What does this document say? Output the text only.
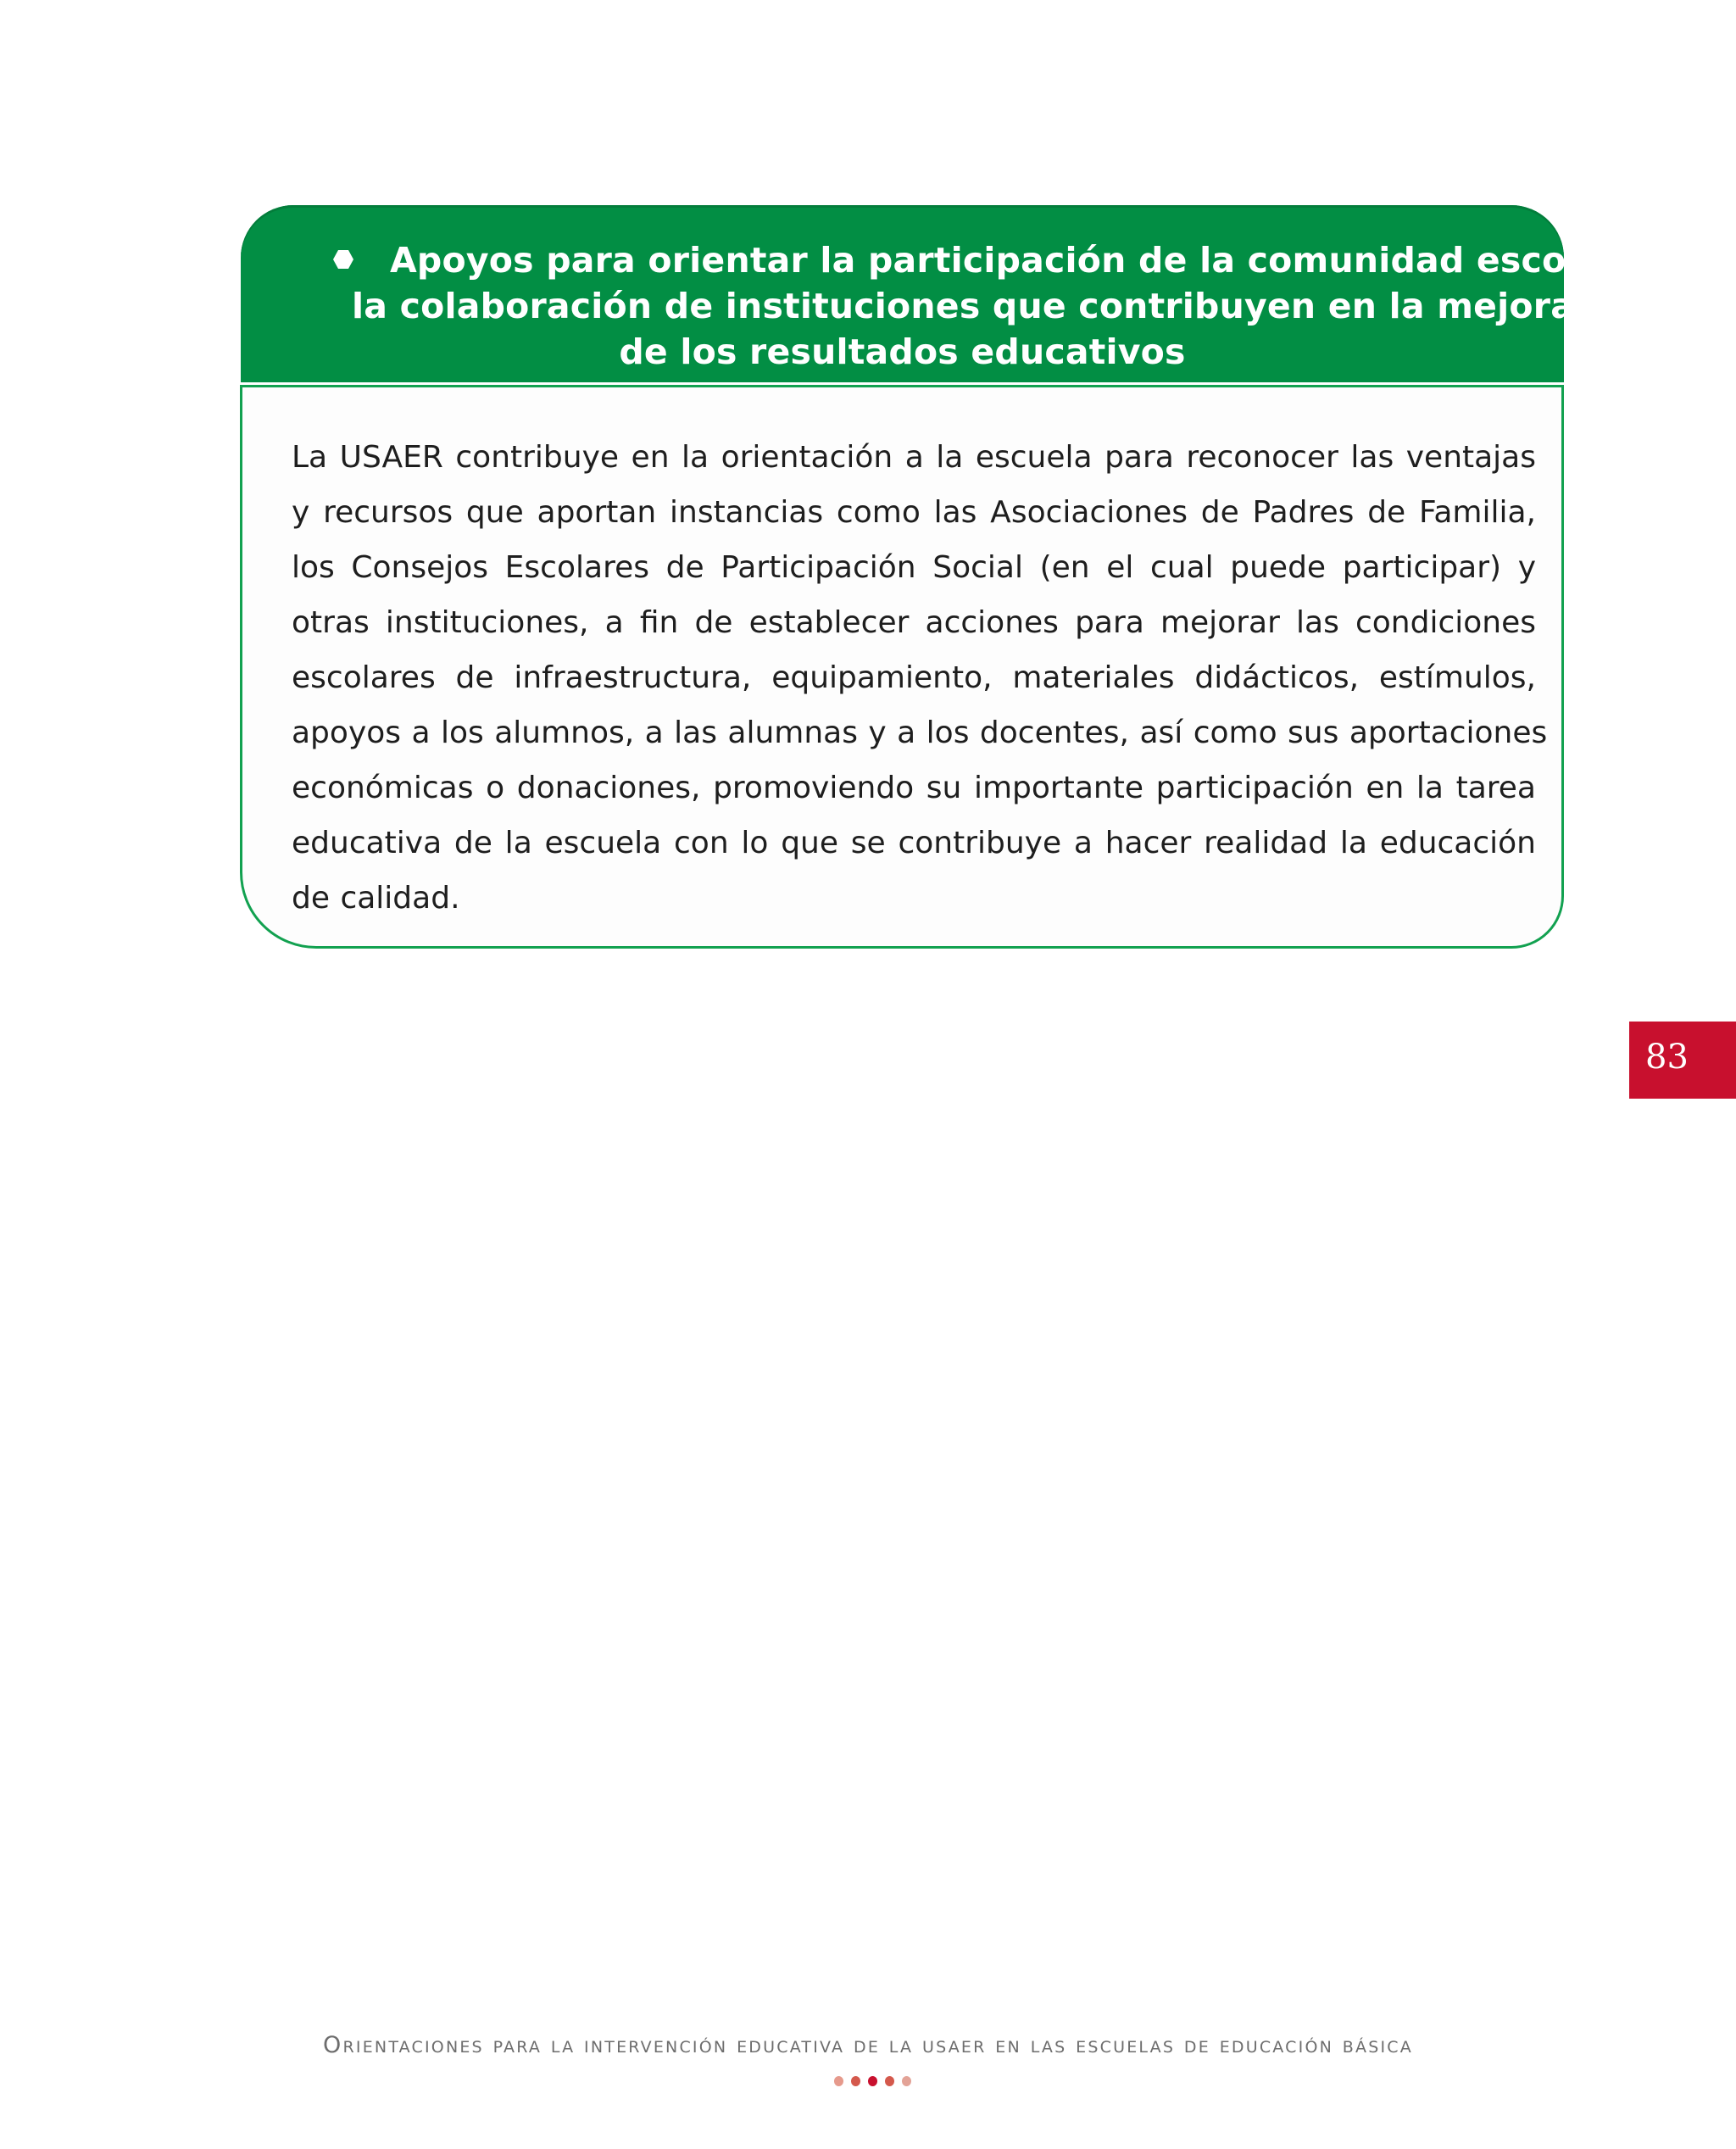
Apoyos para orientar la participación de la comunidad escolar y
la colaboración de instituciones que contribuyen en la mejora
de los resultados educativos
La USAER contribuye en la orientación a la escuela para reconocer las ventajas
y recursos que aportan instancias como las Asociaciones de Padres de Familia,
los Consejos Escolares de Participación Social (en el cual puede participar) y
otras instituciones, a fin de establecer acciones para mejorar las condiciones
escolares de infraestructura, equipamiento, materiales didácticos, estímulos,
apoyos a los alumnos, a las alumnas y a los docentes, así como sus aportaciones
económicas o donaciones, promoviendo su importante participación en la tarea
educativa de la escuela con lo que se contribuye a hacer realidad la educación
de calidad.
83
Orientaciones para la intervención educativa de la usaer en las escuelas de educación básica
